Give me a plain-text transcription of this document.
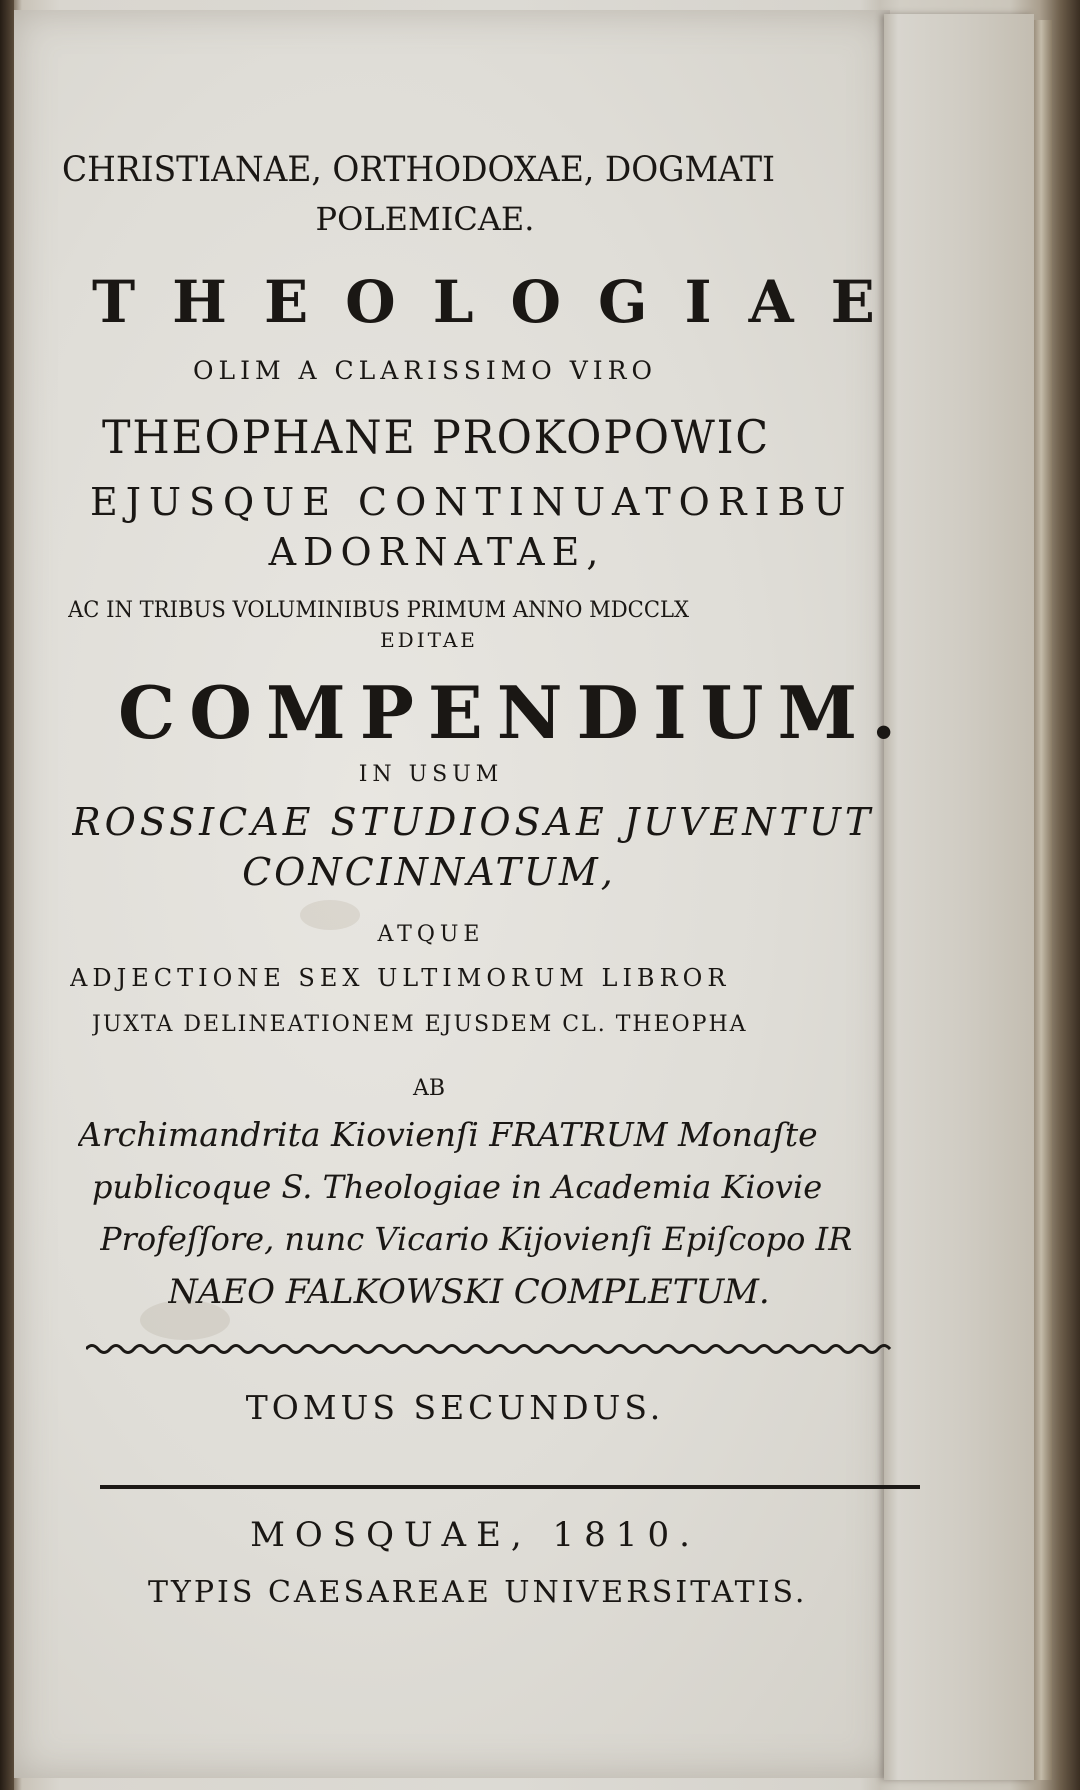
CHRISTIANAE, ORTHODOXAE, DOGMATI
POLEMICAE.
THEOLOGIAE
OLIM A CLARISSIMO VIRO
THEOPHANE PROKOPOWIC
EJUSQUE CONTINUATORIBU
ADORNATAE,
AC IN TRIBUS VOLUMINIBUS PRIMUM ANNO MDCCLX
EDITAE
COMPENDIUM.
IN USUM
ROSSICAE STUDIOSAE JUVENTUT
CONCINNATUM,
ATQUE
ADJECTIONE SEX ULTIMORUM LIBROR
JUXTA DELINEATIONEM EJUSDEM CL. THEOPHA
AB
Archimandrita Kiovienſi FRATRUM Monaſte
publicoque S. Theologiae in Academia Kiovie
Profeſſore, nunc Vicario Kijovienſi Epiſcopo IR
NAEO FALKOWSKI COMPLETUM.
TOMUS SECUNDUS.
MOSQUAE, 1810.
TYPIS CAESAREAE UNIVERSITATIS.
